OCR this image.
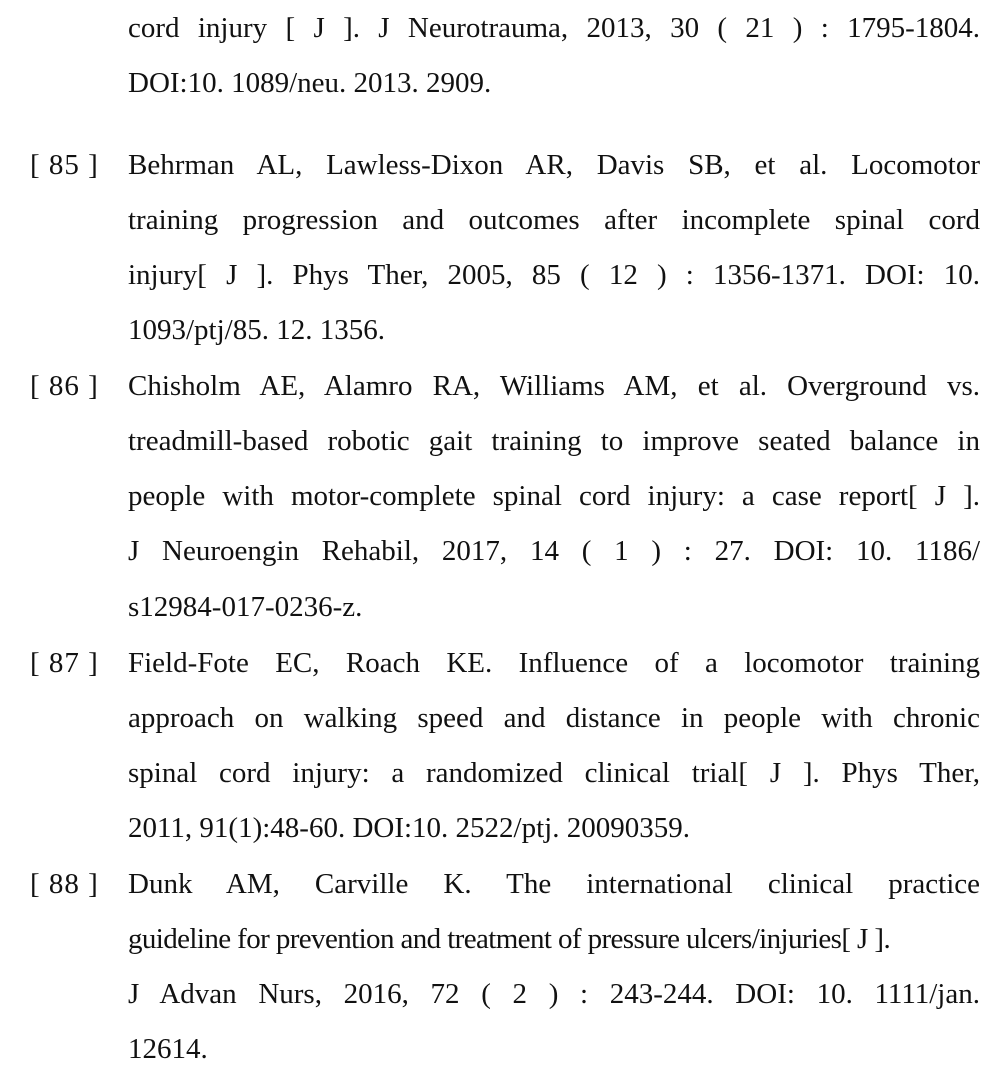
cord injury [ J ]. J Neurotrauma, 2013, 30 ( 21 ) : 1795-1804.
DOI:10. 1089/neu. 2013. 2909.
[ 85 ] Behrman AL, Lawless-Dixon AR, Davis SB, et al. Locomotor
training progression and outcomes after incomplete spinal cord
injury[ J ]. Phys Ther, 2005, 85 ( 12 ) : 1356-1371. DOI: 10.
1093/ptj/85. 12. 1356.
[ 86 ] Chisholm AE, Alamro RA, Williams AM, et al. Overground vs.
treadmill-based robotic gait training to improve seated balance in
people with motor-complete spinal cord injury: a case report[ J ].
J Neuroengin Rehabil, 2017, 14 ( 1 ) : 27. DOI: 10. 1186/
s12984-017-0236-z.
[ 87 ] Field-Fote EC, Roach KE. Influence of a locomotor training
approach on walking speed and distance in people with chronic
spinal cord injury: a randomized clinical trial[ J ]. Phys Ther,
2011, 91(1):48-60. DOI:10. 2522/ptj. 20090359.
[ 88 ] Dunk AM, Carville K. The international clinical practice
guideline for prevention and treatment of pressure ulcers/injuries[ J ].
J Advan Nurs, 2016, 72 ( 2 ) : 243-244. DOI: 10. 1111/jan.
12614.
